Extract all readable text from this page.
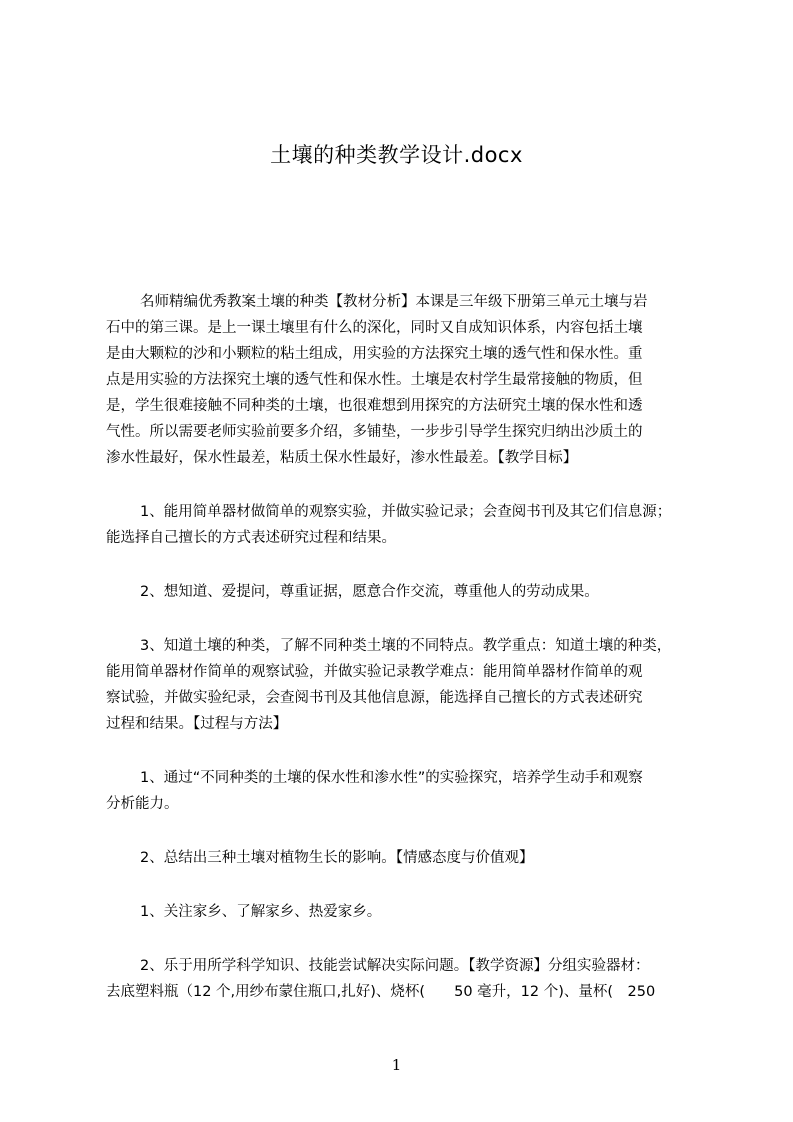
土壤的种类教学设计.docx
名师精编优秀教案土壤的种类【教材分析】本课是三年级下册第三单元土壤与岩
石中的第三课。是上一课土壤里有什么的深化，同时又自成知识体系，内容包括土壤
是由大颗粒的沙和小颗粒的粘土组成，用实验的方法探究土壤的透气性和保水性。重
点是用实验的方法探究土壤的透气性和保水性。土壤是农村学生最常接触的物质，但
是，学生很难接触不同种类的土壤，也很难想到用探究的方法研究土壤的保水性和透
气性。所以需要老师实验前要多介绍，多铺垫，一步步引导学生探究归纳出沙质土的
渗水性最好，保水性最差，粘质土保水性最好，渗水性最差。【教学目标】
1、能用简单器材做简单的观察实验，并做实验记录；会查阅书刊及其它们信息源；
能选择自己擅长的方式表述研究过程和结果。
2、想知道、爱提问，尊重证据，愿意合作交流，尊重他人的劳动成果。
3、知道土壤的种类，了解不同种类土壤的不同特点。教学重点：知道土壤的种类，
能用简单器材作简单的观察试验，并做实验记录教学难点：能用简单器材作简单的观
察试验，并做实验纪录，会查阅书刊及其他信息源，能选择自己擅长的方式表述研究
过程和结果。【过程与方法】
1、通过“不同种类的土壤的保水性和渗水性”的实验探究，培养学生动手和观察
分析能力。
2、总结出三种土壤对植物生长的影响。【情感态度与价值观】
1、关注家乡、了解家乡、热爱家乡。
2、乐于用所学科学知识、技能尝试解决实际问题。【教学资源】分组实验器材：
去底塑料瓶（12 个,用纱布蒙住瓶口,扎好)、烧杯(　　50 毫升，12 个)、量杯(　250
1
